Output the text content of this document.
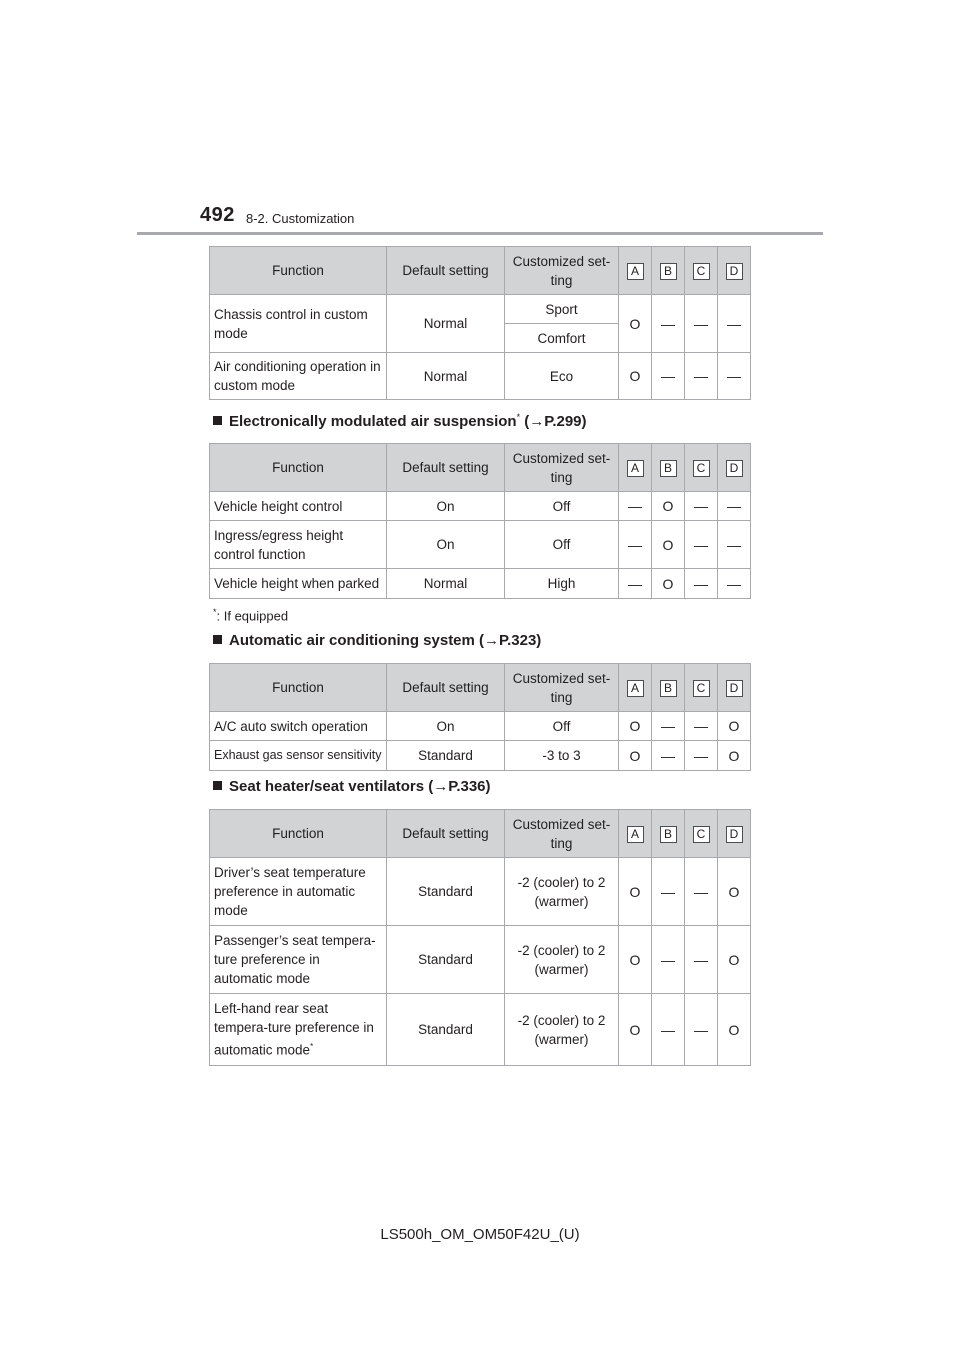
492 8-2. Customization
Function	Default setting	Customized set-ting	A	B	C	D
Chassis control in custom mode	Normal	Sport	O	—	—	—
		Comfort				
Air conditioning operation in custom mode	Normal	Eco	O	—	—	—
Electronically modulated air suspension* (→P.299)
Function	Default setting	Customized set-ting	A	B	C	D
Vehicle height control	On	Off	—	O	—	—
Ingress/egress height control function	On	Off	—	O	—	—
Vehicle height when parked	Normal	High	—	O	—	—
*: If equipped
Automatic air conditioning system (→P.323)
Function	Default setting	Customized set-ting	A	B	C	D
A/C auto switch operation	On	Off	O	—	—	O
Exhaust gas sensor sensitivity	Standard	-3 to 3	O	—	—	O
Seat heater/seat ventilators (→P.336)
Function	Default setting	Customized set-ting	A	B	C	D
Driver’s seat temperature preference in automatic mode	Standard	-2 (cooler) to 2 (warmer)	O	—	—	O
Passenger’s seat tempera-ture preference in automatic mode	Standard	-2 (cooler) to 2 (warmer)	O	—	—	O
Left-hand rear seat tempera-ture preference in automatic mode*	Standard	-2 (cooler) to 2 (warmer)	O	—	—	O
LS500h_OM_OM50F42U_(U)
